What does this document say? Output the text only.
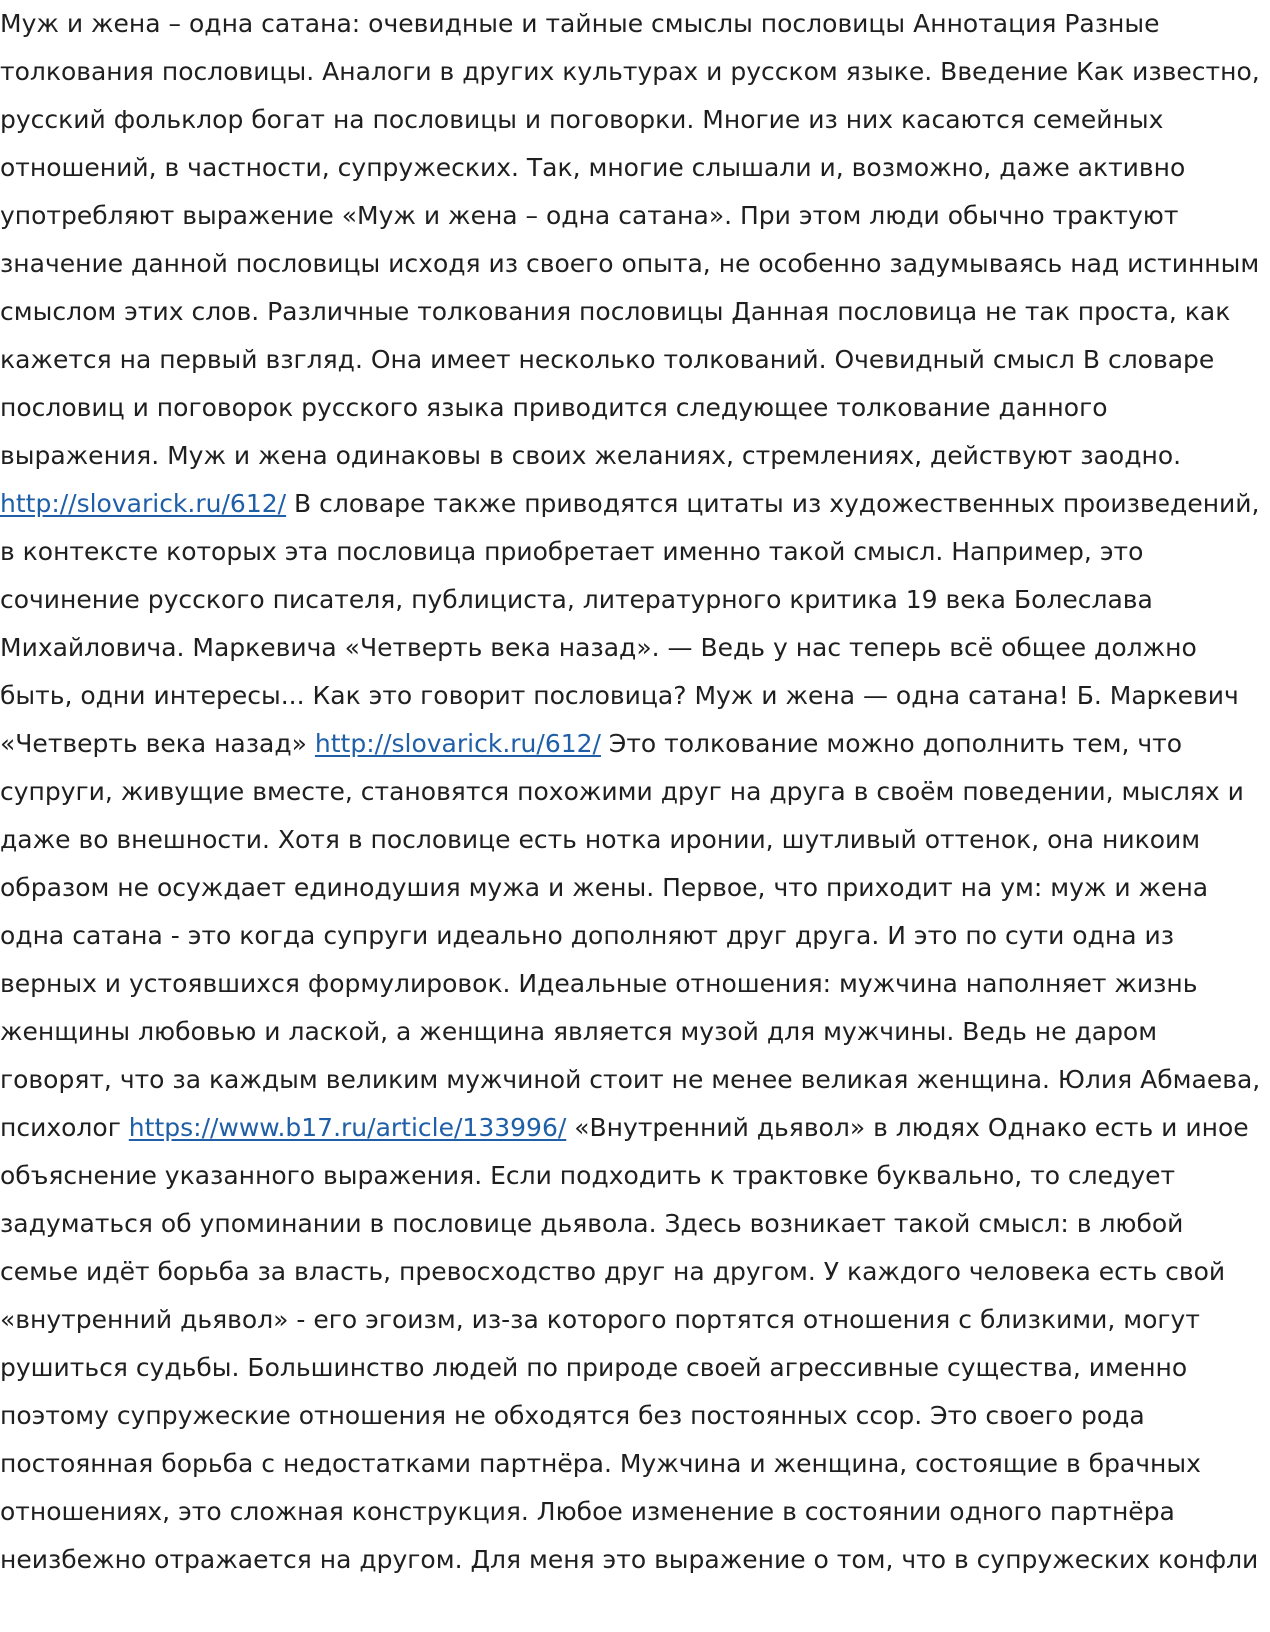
Муж и жена – одна сатана: очевидные и тайные смыслы пословицы Аннотация Разные толкования пословицы. Аналоги в других культурах и русском языке. Введение Как известно, русский фольклор богат на пословицы и поговорки. Многие из них касаются семейных отношений, в частности, супружеских. Так, многие слышали и, возможно, даже активно употребляют выражение «Муж и жена – одна сатана». При этом люди обычно трактуют значение данной пословицы исходя из своего опыта, не особенно задумываясь над истинным смыслом этих слов. Различные толкования пословицы Данная пословица не так проста, как кажется на первый взгляд. Она имеет несколько толкований. Очевидный смысл В словаре пословиц и поговорок русского языка приводится следующее толкование данного выражения. Муж и жена одинаковы в своих желаниях, стремлениях, действуют заодно. http://slovarick.ru/612/ В словаре также приводятся цитаты из художественных произведений, в контексте которых эта пословица приобретает именно такой смысл. Например, это сочинение русского писателя, публициста, литературного критика 19 века Болеслава Михайловича. Маркевича «Четверть века назад». — Ведь у нас теперь всё общее должно быть, одни интересы... Как это говорит пословица? Муж и жена — одна сатана! Б. Маркевич «Четверть века назад» http://slovarick.ru/612/ Это толкование можно дополнить тем, что супруги, живущие вместе, становятся похожими друг на друга в своём поведении, мыслях и даже во внешности. Хотя в пословице есть нотка иронии, шутливый оттенок, она никоим образом не осуждает единодушия мужа и жены. Первое, что приходит на ум: муж и жена одна сатана - это когда супруги идеально дополняют друг друга. И это по сути одна из верных и устоявшихся формулировок. Идеальные отношения: мужчина наполняет жизнь женщины любовью и лаской, а женщина является музой для мужчины. Ведь не даром говорят, что за каждым великим мужчиной стоит не менее великая женщина. Юлия Абмаева, психолог https://www.b17.ru/article/133996/ «Внутренний дьявол» в людях Однако есть и иное объяснение указанного выражения. Если подходить к трактовке буквально, то следует задуматься об упоминании в пословице дьявола. Здесь возникает такой смысл: в любой семье идёт борьба за власть, превосходство друг на другом. У каждого человека есть свой «внутренний дьявол» - его эгоизм, из-за которого портятся отношения с близкими, могут рушиться судьбы. Большинство людей по природе своей агрессивные существа, именно поэтому супружеские отношения не обходятся без постоянных ссор. Это своего рода постоянная борьба с недостатками партнёра. Мужчина и женщина, состоящие в брачных отношениях, это сложная конструкция. Любое изменение в состоянии одного партнёра неизбежно отражается на другом. Для меня это выражение о том, что в супружеских конфли
